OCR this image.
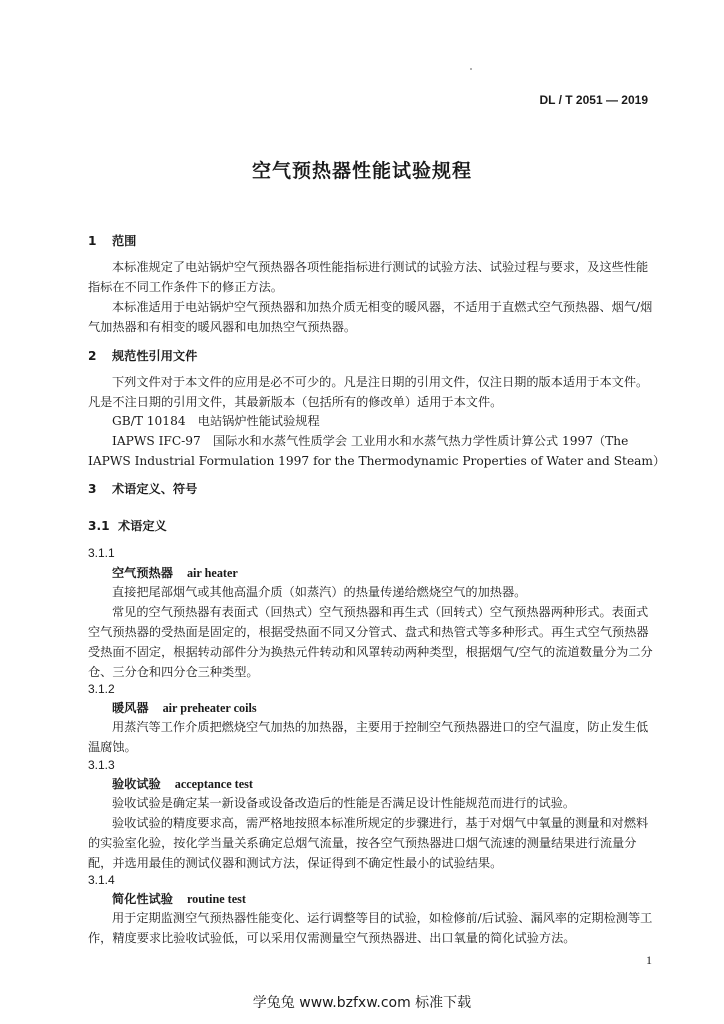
DL / T 2051 — 2019
空气预热器性能试验规程
1 范围

本标准规定了电站锅炉空气预热器各项性能指标进行测试的试验方法、试验过程与要求，及这些性能指标在不同工作条件下的修正方法。

本标准适用于电站锅炉空气预热器和加热介质无相变的暖风器，不适用于直燃式空气预热器、烟气/烟气加热器和有相变的暖风器和电加热空气预热器。

2 规范性引用文件

下列文件对于本文件的应用是必不可少的。凡是注日期的引用文件，仅注日期的版本适用于本文件。凡是不注日期的引用文件，其最新版本（包括所有的修改单）适用于本文件。

GB/T 10184　电站锅炉性能试验规程

IAPWS IFC-97　国际水和水蒸气性质学会 工业用水和水蒸气热力学性质计算公式 1997（The IAPWS Industrial Formulation 1997 for the Thermodynamic Properties of Water and Steam）

3 术语定义、符号
3.1 术语定义
3.1.1
空气预热器 air heater

直接把尾部烟气或其他高温介质（如蒸汽）的热量传递给燃烧空气的加热器。

常见的空气预热器有表面式（回热式）空气预热器和再生式（回转式）空气预热器两种形式。表面式空气预热器的受热面是固定的，根据受热面不同又分管式、盘式和热管式等多种形式。再生式空气预热器受热面不固定，根据转动部件分为换热元件转动和风罩转动两种类型，根据烟气/空气的流道数量分为二分仓、三分仓和四分仓三种类型。

3.1.2
暖风器 air preheater coils

用蒸汽等工作介质把燃烧空气加热的加热器，主要用于控制空气预热器进口的空气温度，防止发生低温腐蚀。

3.1.3
验收试验 acceptance test

验收试验是确定某一新设备或设备改造后的性能是否满足设计性能规范而进行的试验。

验收试验的精度要求高，需严格地按照本标准所规定的步骤进行，基于对烟气中氧量的测量和对燃料的实验室化验，按化学当量关系确定总烟气流量，按各空气预热器进口烟气流速的测量结果进行流量分配，并选用最佳的测试仪器和测试方法，保证得到不确定性最小的试验结果。

3.1.4
简化性试验 routine test

用于定期监测空气预热器性能变化、运行调整等目的试验，如检修前/后试验、漏风率的定期检测等工作，精度要求比验收试验低，可以采用仅需测量空气预热器进、出口氧量的简化试验方法。

1
学兔兔 www.bzfxw.com 标准下载
